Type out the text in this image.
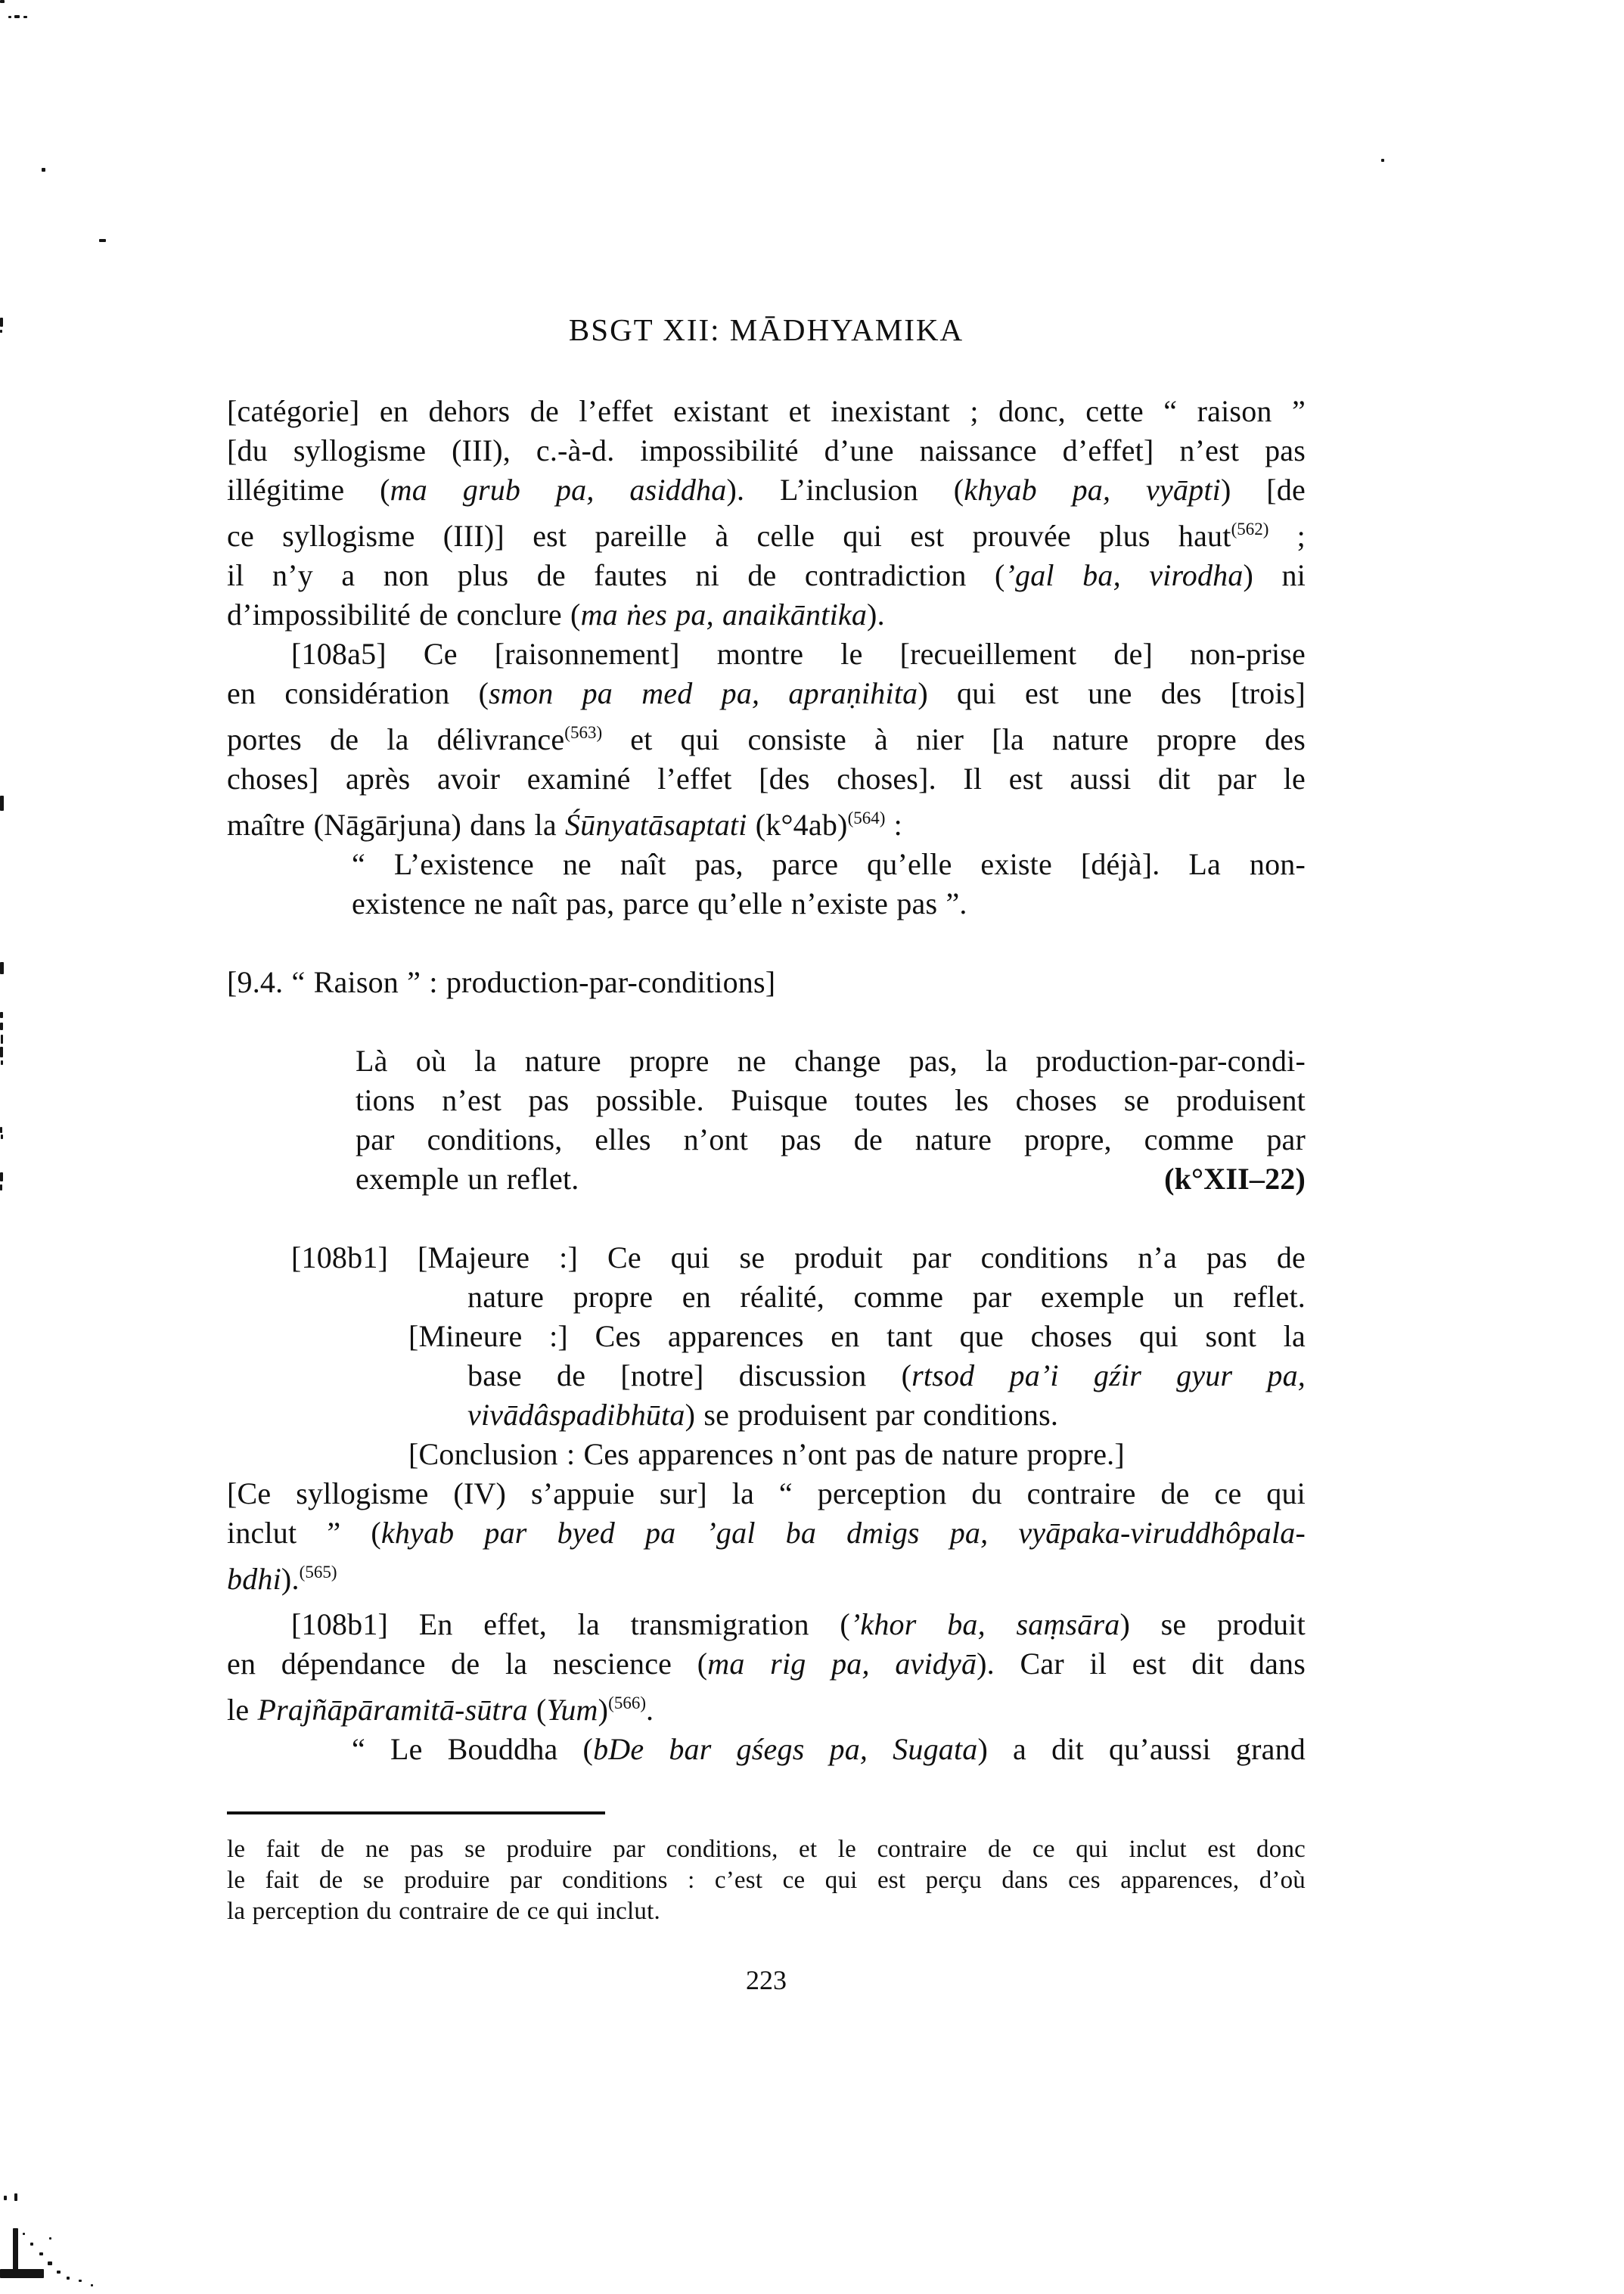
BSGT XII: MĀDHYAMIKA
[catégorie] en dehors de l’effet existant et inexistant ; donc, cette “ raison ”
[du syllogisme (III), c.-à-d. impossibilité d’une naissance d’effet] n’est pas
illégitime (ma grub pa, asiddha). L’inclusion (khyab pa, vyāpti) [de
ce syllogisme (III)] est pareille à celle qui est prouvée plus haut$^{(562)}$ ;
il n’y a non plus de fautes ni de contradiction (’gal ba, virodha) ni
d’impossibilité de conclure (ma ṅes pa, anaikāntika).
[108a5] Ce [raisonnement] montre le [recueillement de] non-prise
en considération (smon pa med pa, apraṇihita) qui est une des [trois]
portes de la délivrance$^{(563)}$ et qui consiste à nier [la nature propre des
choses] après avoir examiné l’effet [des choses]. Il est aussi dit par le
maître (Nāgārjuna) dans la Śūnyatāsaptati $(k^\circ 4ab)^{(564)}$ :
“ L’existence ne naît pas, parce qu’elle existe [déjà]. La non-
existence ne naît pas, parce qu’elle n’existe pas ”.
[9.4. “ Raison ” : production-par-conditions]
Là où la nature propre ne change pas, la production-par-condi-
tions n’est pas possible. Puisque toutes les choses se produisent
par conditions, elles n’ont pas de nature propre, comme par
(k°XII–22)
exemple un reflet.
[108b1] [Majeure :] Ce qui se produit par conditions n’a pas de
nature propre en réalité, comme par exemple un reflet.
[Mineure :] Ces apparences en tant que choses qui sont la
base de [notre] discussion (rtsod pa’i gźir gyur pa,
vivādâspadibhūta) se produisent par conditions.
[Conclusion : Ces apparences n’ont pas de nature propre.]
[Ce syllogisme (IV) s’appuie sur] la “ perception du contraire de ce qui
inclut ” (khyab par byed pa ’gal ba dmigs pa, vyāpaka-viruddhôpala-
bdhi).$^{(565)}$
[108b1] En effet, la transmigration (’khor ba, saṃsāra) se produit
en dépendance de la nescience (ma rig pa, avidyā). Car il est dit dans
le Prajñāpāramitā-sūtra (Yum)$^{(566)}$.
“ Le Bouddha (bDe bar gśegs pa, Sugata) a dit qu’aussi grand
le fait de ne pas se produire par conditions, et le contraire de ce qui inclut est donc
le fait de se produire par conditions : c’est ce qui est perçu dans ces apparences, d’où
la perception du contraire de ce qui inclut.
223
